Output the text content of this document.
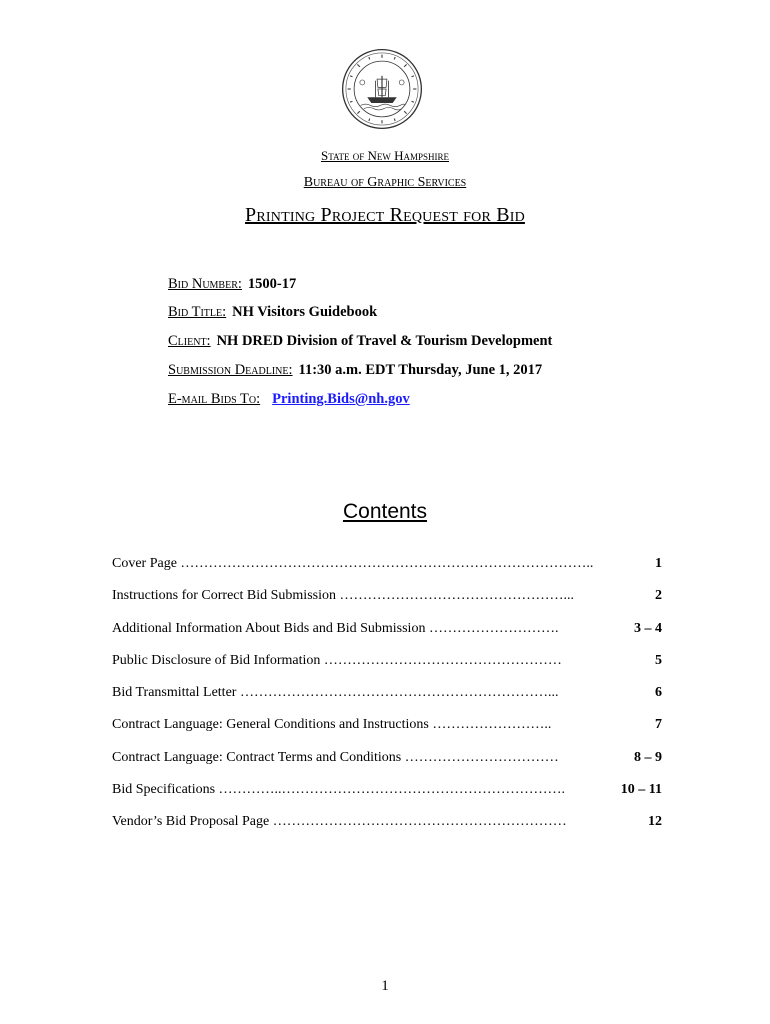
State of New Hampshire
Bureau of Graphic Services
Printing Project Request for Bid
Bid Number: 1500-17
Bid Title: NH Visitors Guidebook
Client: NH DRED Division of Travel & Tourism Development
Submission Deadline: 11:30 a.m. EDT Thursday, June 1, 2017
E-mail Bids To: Printing.Bids@nh.gov
Contents
Cover Page ……………………………………………………………………………..	1
Instructions for Correct Bid Submission …………………………………………...	2
Additional Information About Bids and Bid Submission ……………………….	3 – 4
Public Disclosure of Bid Information ……………………………………………	5
Bid Transmittal Letter …………………………………………………………...	6
Contract Language: General Conditions and Instructions ……………………..	7
Contract Language: Contract Terms and Conditions ……………………………	8 – 9
Bid Specifications …………..…………………………………………………….	10 – 11
Vendor’s Bid Proposal Page ………………………………………………………	12
1
